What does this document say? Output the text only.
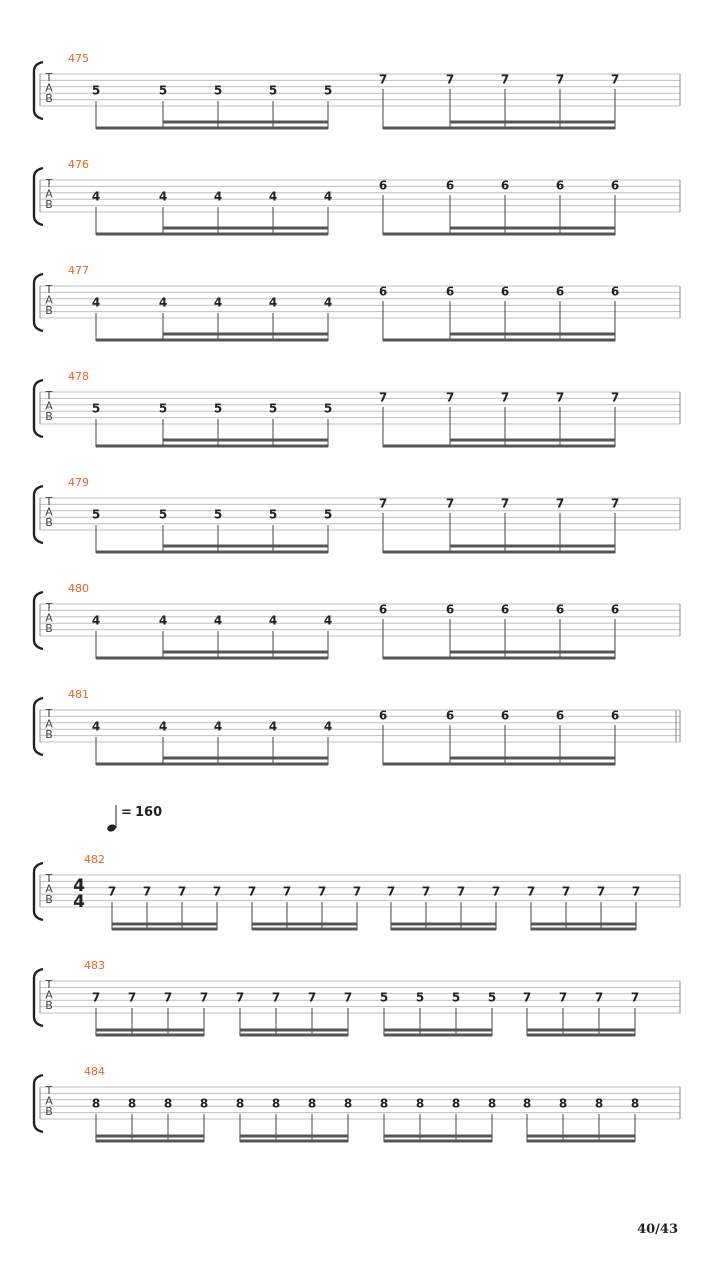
= 160
T
A
B
475
5	5	5	5	5
7	7	7	7	7
T
A
B
476
4	4	4	4	4
6	6	6	6	6
T
A
B
477
4	4	4	4	4
6	6	6	6	6
T
A
B
478
5	5	5	5	5
7	7	7	7	7
T
A
B
479
5	5	5	5	5
7	7	7	7	7
T
A
B
480
4	4	4	4	4
6	6	6	6	6
T
A
B
481
4	4	4	4	4
6	6	6	6	6
T
A
B
482
4
4
7 7 7 7 7 7 7 7 7 7 7 7 7 7 7 7
T
A
B
483
7 7 7 7 7 7 7 7 5 5 5 5 7 7 7 7
T
A
B
484
8 8 8 8 8 8 8 8 8 8 8 8 8 8 8 8
40/43
